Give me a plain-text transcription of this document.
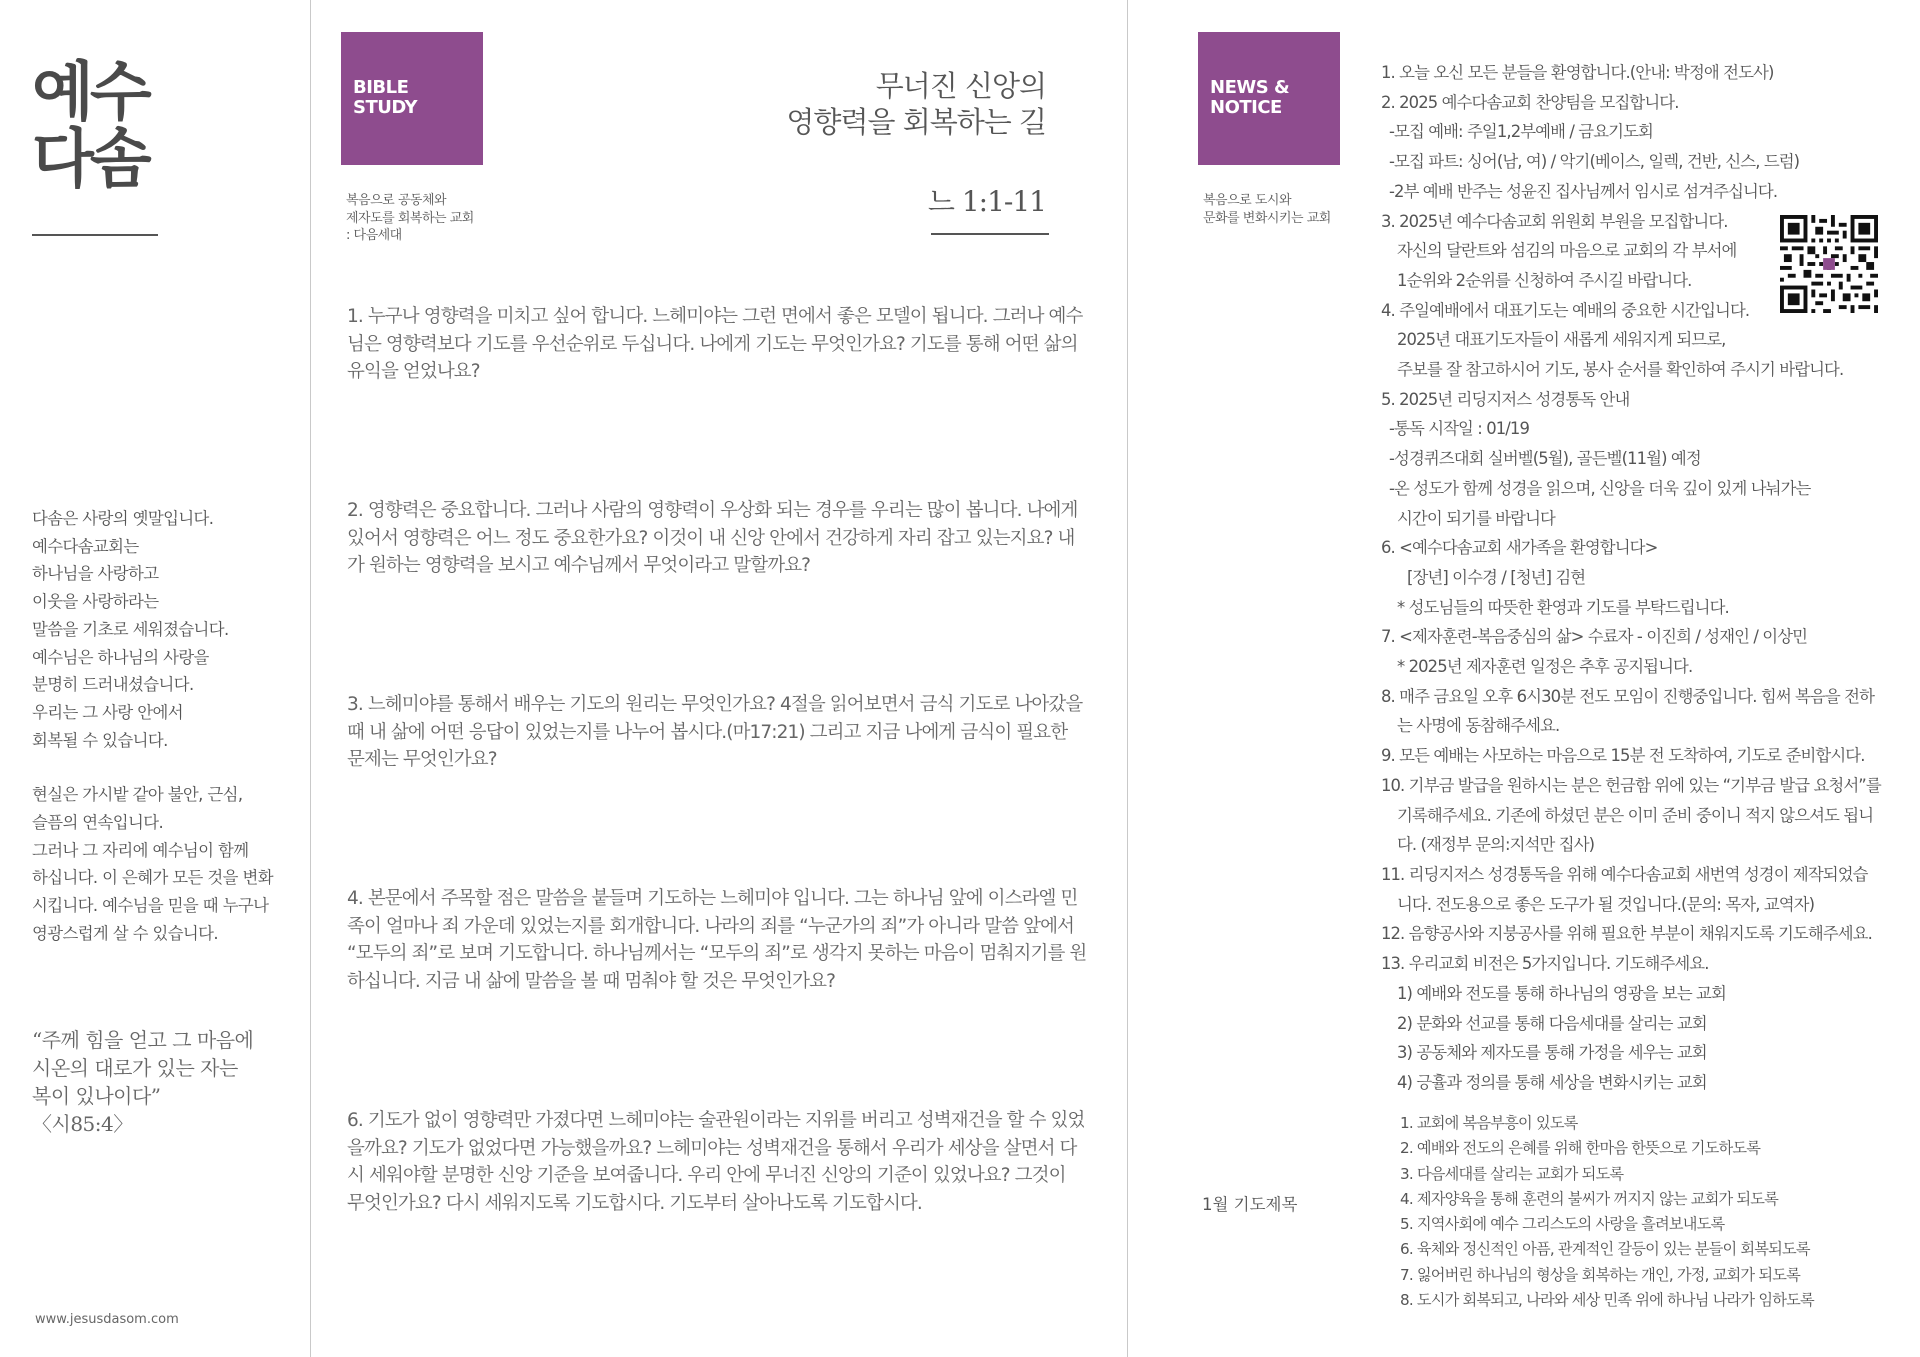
예수
다솜

다솜은 사랑의 옛말입니다.

예수다솜교회는

하나님을 사랑하고

이웃을 사랑하라는

말씀을 기초로 세워졌습니다.

예수님은 하나님의 사랑을

분명히 드러내셨습니다.

우리는 그 사랑 안에서

회복될 수 있습니다.

현실은 가시밭 같아 불안, 근심,

슬픔의 연속입니다.

그러나 그 자리에 예수님이 함께

하십니다. 이 은혜가 모든 것을 변화

시킵니다. 예수님을 믿을 때 누구나

영광스럽게 살 수 있습니다.

“주께 힘을 얻고 그 마음에

시온의 대로가 있는 자는

복이 있나이다”

〈시85:4〉

www.jesusdasom.com
BIBLE
STUDY
복음으로 공동체와
제자도를 회복하는 교회
: 다음세대
무너진 신앙의
영향력을 회복하는 길
느 1:1-11

1. 누구나 영향력을 미치고 싶어 합니다. 느헤미야는 그런 면에서 좋은 모델이 됩니다. 그러나 예수님은 영향력보다 기도를 우선순위로 두십니다. 나에게 기도는 무엇인가요? 기도를 통해 어떤 삶의 유익을 얻었나요?

2. 영향력은 중요합니다. 그러나 사람의 영향력이 우상화 되는 경우를 우리는 많이 봅니다. 나에게 있어서 영향력은 어느 정도 중요한가요? 이것이 내 신앙 안에서 건강하게 자리 잡고 있는지요? 내가 원하는 영향력을 보시고 예수님께서 무엇이라고 말할까요?

3. 느헤미야를 통해서 배우는 기도의 원리는 무엇인가요? 4절을 읽어보면서 금식 기도로 나아갔을 때 내 삶에 어떤 응답이 있었는지를 나누어 봅시다.(마17:21) 그리고 지금 나에게 금식이 필요한 문제는 무엇인가요?

4. 본문에서 주목할 점은 말씀을 붙들며 기도하는 느헤미야 입니다. 그는 하나님 앞에 이스라엘 민족이 얼마나 죄 가운데 있었는지를 회개합니다. 나라의 죄를 “누군가의 죄”가 아니라 말씀 앞에서 “모두의 죄”로 보며 기도합니다. 하나님께서는 “모두의 죄”로 생각지 못하는 마음이 멈춰지기를 원하십니다. 지금 내 삶에 말씀을 볼 때 멈춰야 할 것은 무엇인가요?

6. 기도가 없이 영향력만 가졌다면 느헤미야는 술관원이라는 지위를 버리고 성벽재건을 할 수 있었을까요? 기도가 없었다면 가능했을까요? 느헤미야는 성벽재건을 통해서 우리가 세상을 살면서 다시 세워야할 분명한 신앙 기준을 보여줍니다. 우리 안에 무너진 신앙의 기준이 있었나요? 그것이 무엇인가요? 다시 세워지도록 기도합시다. 기도부터 살아나도록 기도합시다.

NEWS &
NOTICE
복음으로 도시와
문화를 변화시키는 교회
1. 오늘 오신 모든 분들을 환영합니다.(안내: 박정애 전도사)
2. 2025 예수다솜교회 찬양팀을 모집합니다.
-모집 예배: 주일1,2부예배 / 금요기도회
-모집 파트: 싱어(남, 여) / 악기(베이스, 일렉, 건반, 신스, 드럼)
-2부 예배 반주는 성윤진 집사님께서 임시로 섬겨주십니다.
3. 2025년 예수다솜교회 위원회 부원을 모집합니다.
자신의 달란트와 섬김의 마음으로 교회의 각 부서에
1순위와 2순위를 신청하여 주시길 바랍니다.
4. 주일예배에서 대표기도는 예배의 중요한 시간입니다.
2025년 대표기도자들이 새롭게 세워지게 되므로,
주보를 잘 참고하시어 기도, 봉사 순서를 확인하여 주시기 바랍니다.
5. 2025년 리딩지저스 성경통독 안내
-통독 시작일 : 01/19
-성경퀴즈대회 실버벨(5월), 골든벨(11월) 예정
-온 성도가 함께 성경을 읽으며, 신앙을 더욱 깊이 있게 나눠가는
시간이 되기를 바랍니다
6. <예수다솜교회 새가족을 환영합니다>
[장년] 이수경 / [청년] 김현
* 성도님들의 따뜻한 환영과 기도를 부탁드립니다.
7. <제자훈련-복음중심의 삶> 수료자 - 이진희 / 성재인 / 이상민
* 2025년 제자훈련 일정은 추후 공지됩니다.
8. 매주 금요일 오후 6시30분 전도 모임이 진행중입니다. 힘써 복음을 전하
는 사명에 동참해주세요.
9. 모든 예배는 사모하는 마음으로 15분 전 도착하여, 기도로 준비합시다.
10. 기부금 발급을 원하시는 분은 헌금함 위에 있는 “기부금 발급 요청서”를
기록해주세요. 기존에 하셨던 분은 이미 준비 중이니 적지 않으셔도 됩니
다. (재정부 문의:지석만 집사)
11. 리딩지저스 성경통독을 위해 예수다솜교회 새번역 성경이 제작되었습
니다. 전도용으로 좋은 도구가 될 것입니다.(문의: 목자, 교역자)
12. 음향공사와 지붕공사를 위해 필요한 부분이 채워지도록 기도해주세요.
13. 우리교회 비전은 5가지입니다. 기도해주세요.
1) 예배와 전도를 통해 하나님의 영광을 보는 교회
2) 문화와 선교를 통해 다음세대를 살리는 교회
3) 공동체와 제자도를 통해 가정을 세우는 교회
4) 긍휼과 정의를 통해 세상을 변화시키는 교회
1월 기도제목
1. 교회에 복음부흥이 있도록
2. 예배와 전도의 은혜를 위해 한마음 한뜻으로 기도하도록
3. 다음세대를 살리는 교회가 되도록
4. 제자양육을 통해 훈련의 불씨가 꺼지지 않는 교회가 되도록
5. 지역사회에 예수 그리스도의 사랑을 흘려보내도록
6. 육체와 정신적인 아픔, 관계적인 갈등이 있는 분들이 회복되도록
7. 잃어버린 하나님의 형상을 회복하는 개인, 가정, 교회가 되도록
8. 도시가 회복되고, 나라와 세상 민족 위에 하나님 나라가 임하도록
